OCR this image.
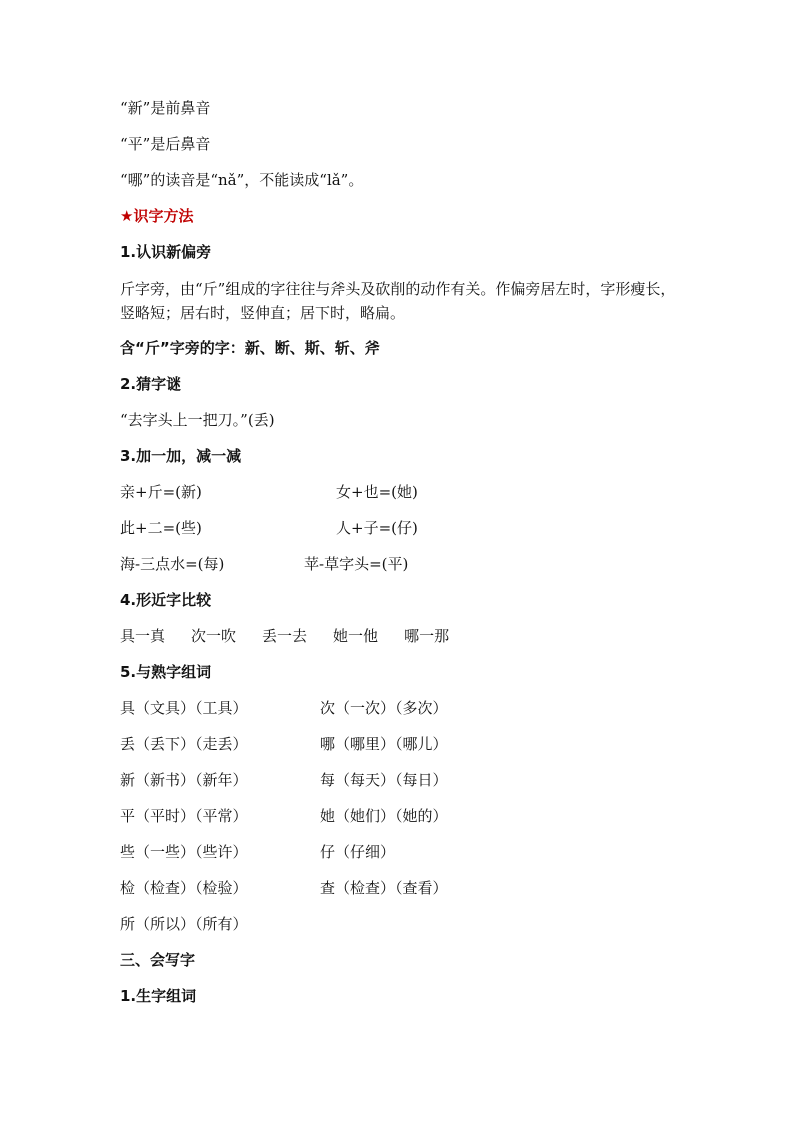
“新”是前鼻音
“平”是后鼻音
“哪”的读音是“nǎ”，不能读成“lǎ”。
★识字方法
1.认识新偏旁
斤字旁，由“斤”组成的字往往与斧头及砍削的动作有关。作偏旁居左时，字形瘦长，竖略短；居右时，竖伸直；居下时，略扁。
含“斤”字旁的字：新、断、斯、斩、斧
2.猜字谜
“去字头上一把刀。”(丢)
3.加一加，减一减
亲+斤=(新)	女+也=(她)
此+二=(些)	人+子=(仔)
海-三点水=(每)	苹-草字头=(平)
4.形近字比较
具一真 次一吹 丢一去 她一他 哪一那
5.与熟字组词
具（文具）（工具）	次（一次）（多次）
丢（丢下）（走丢）	哪（哪里）（哪儿）
新（新书）（新年）	每（每天）（每日）
平（平时）（平常）	她（她们）（她的）
些（一些）（些许）	仔（仔细）
检（检查）（检验）	查（检查）（查看）
所（所以）（所有）
三、会写字
1.生字组词
